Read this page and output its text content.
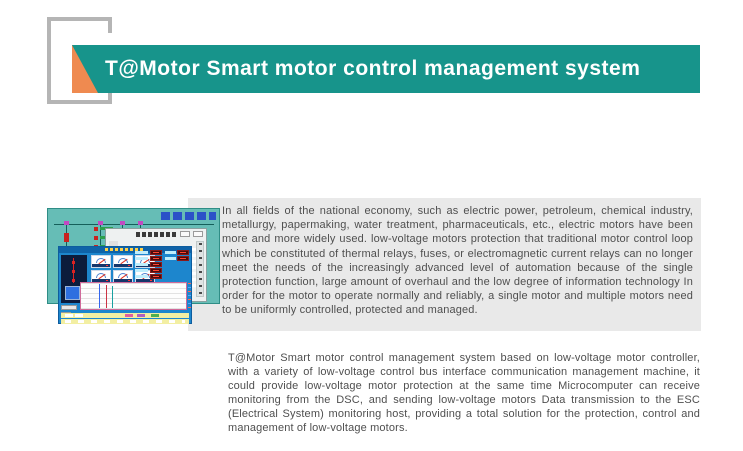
T@Motor Smart motor control management system

In all fields of the national economy, such as electric power, petroleum, chemical industry, metallurgy, papermaking, water treatment, pharmaceuticals, etc., electric motors have been more and more widely used. low-voltage motors protection that traditional motor control loop which be constituted of thermal relays, fuses, or electromagnetic current relays can no longer meet the needs of the increasingly advanced level of automation because of the single protection function, large amount of overhaul and the low degree of information technology In order for the motor to operate normally and reliably, a single motor and multiple motors need to be uniformly controlled, protected and managed.

T@Motor Smart motor control management system based on low-voltage motor controller, with a variety of low-voltage control bus interface communication management machine, it could provide low-voltage motor protection at the same time Microcomputer can receive monitoring from the DSC, and sending low-voltage motors Data transmission to the ESC (Electrical System) monitoring host, providing a total solution for the protection, control and management of low-voltage motors.
